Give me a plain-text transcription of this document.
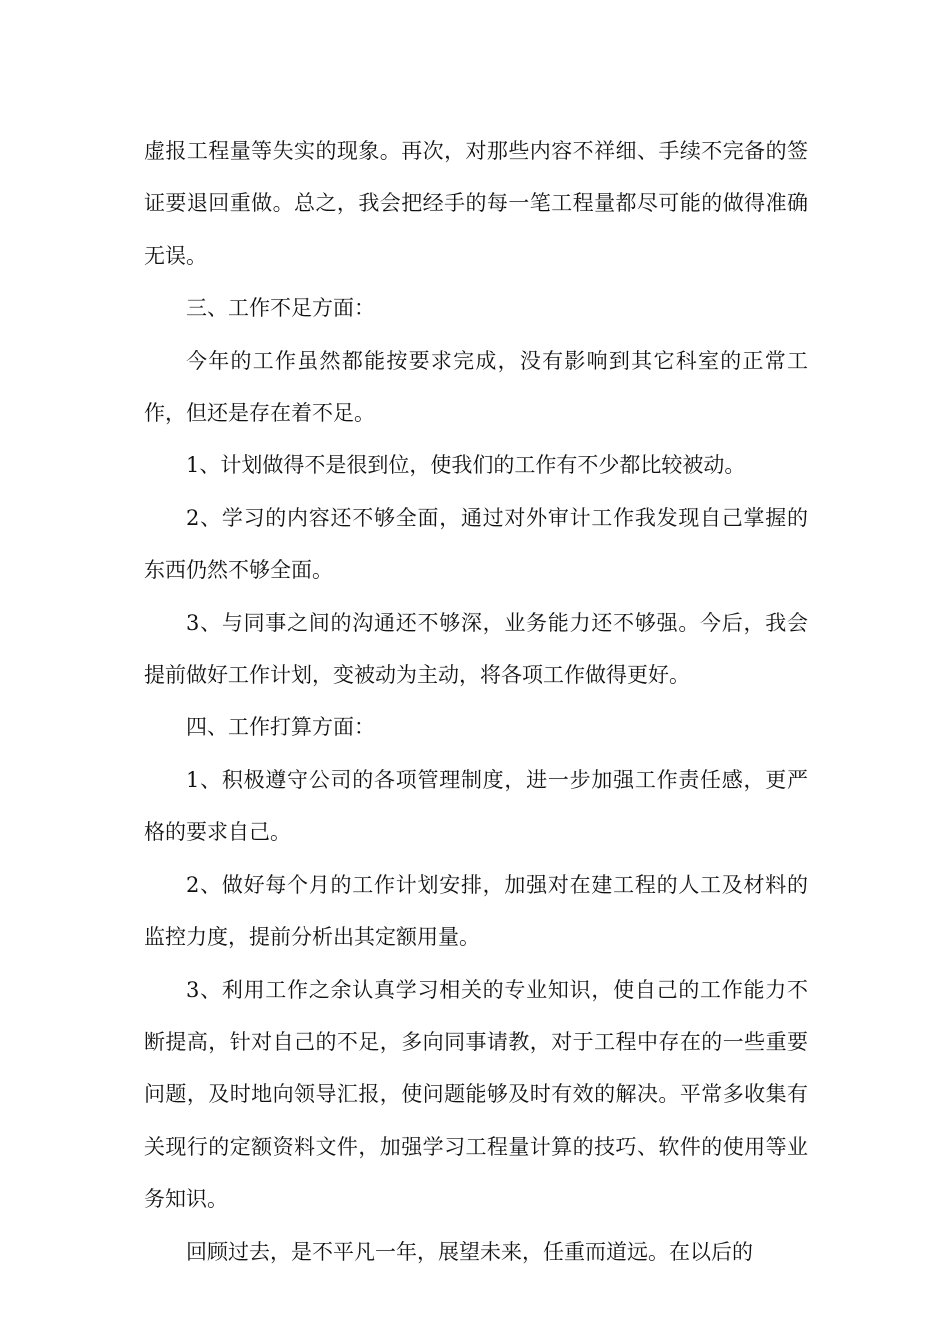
虚报工程量等失实的现象。再次，对那些内容不祥细、手续不完备的签证要退回重做。总之，我会把经手的每一笔工程量都尽可能的做得准确无误。

三、工作不足方面：

今年的工作虽然都能按要求完成，没有影响到其它科室的正常工作，但还是存在着不足。

1、计划做得不是很到位，使我们的工作有不少都比较被动。

2、学习的内容还不够全面，通过对外审计工作我发现自己掌握的东西仍然不够全面。

3、与同事之间的沟通还不够深，业务能力还不够强。今后，我会提前做好工作计划，变被动为主动，将各项工作做得更好。

四、工作打算方面：

1、积极遵守公司的各项管理制度，进一步加强工作责任感，更严格的要求自己。

2、做好每个月的工作计划安排，加强对在建工程的人工及材料的监控力度，提前分析出其定额用量。

3、利用工作之余认真学习相关的专业知识，使自己的工作能力不断提高，针对自己的不足，多向同事请教，对于工程中存在的一些重要问题，及时地向领导汇报，使问题能够及时有效的解决。平常多收集有关现行的定额资料文件，加强学习工程量计算的技巧、软件的使用等业务知识。

回顾过去，是不平凡一年，展望未来，任重而道远。在以后的
